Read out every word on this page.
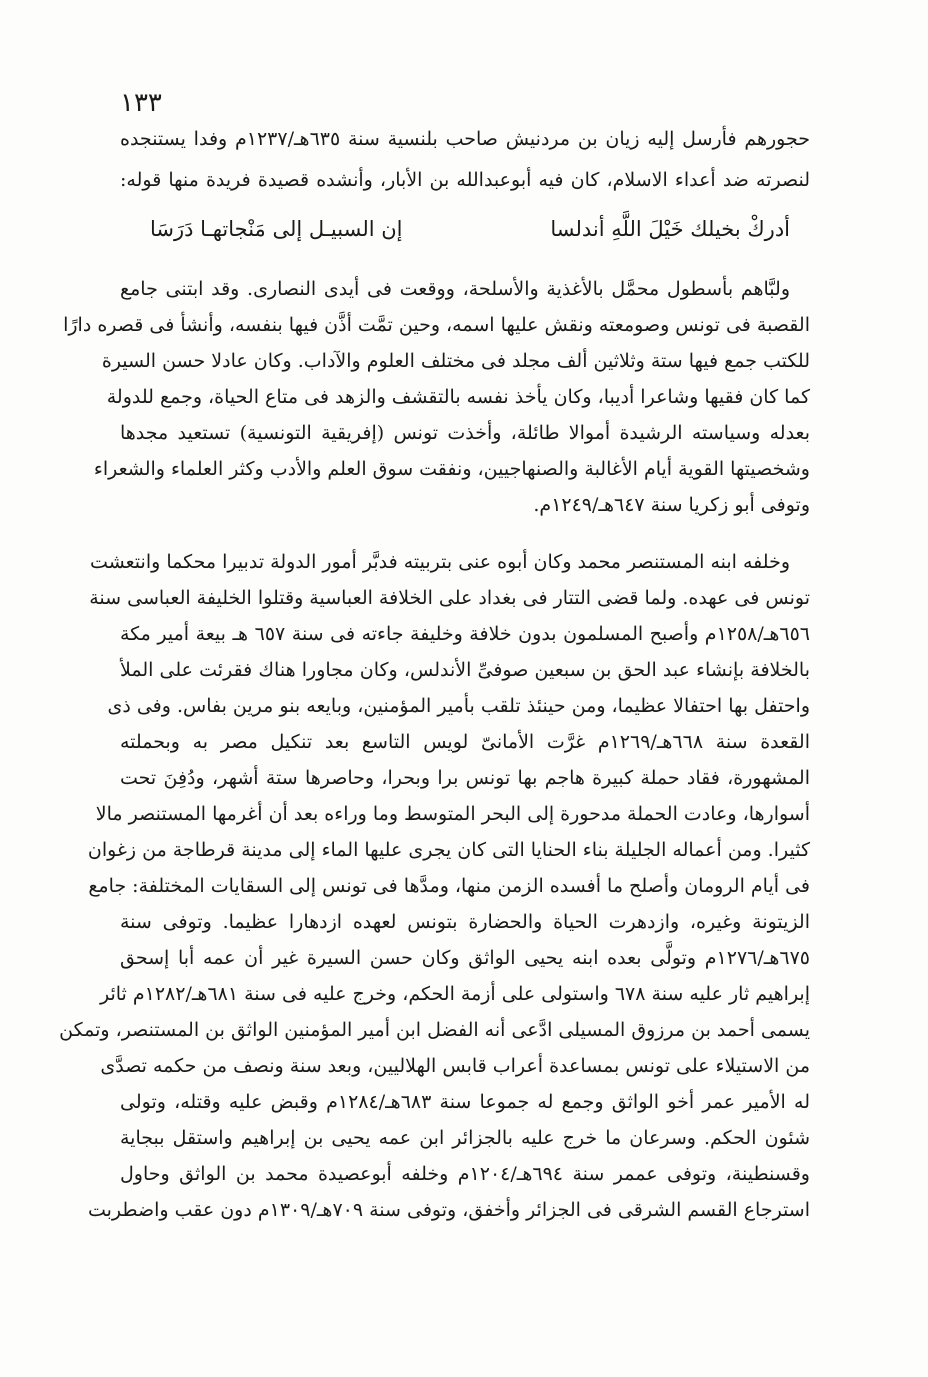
١٣٣
حجورهم فأرسل إليه زيان بن مردنيش صاحب بلنسية سنة ٦٣٥هـ/١٢٣٧م وفدا يستنجده
لنصرته ضد أعداء الاسلام، كان فيه أبوعبدالله بن الأبار، وأنشده قصيدة فريدة منها قوله:
أدركْ بخيلك خَيْلَ اللَّهِ أندلسا
إن السبيـل إلى مَنْجاتهـا دَرَسَا
ولبَّاهم بأسطول محمَّل بالأغذية والأسلحة، ووقعت فى أيدى النصارى. وقد ابتنى جامع
القصبة فى تونس وصومعته ونقش عليها اسمه، وحين تمَّت أذَّن فيها بنفسه، وأنشأ فى قصره دارًا
للكتب جمع فيها ستة وثلاثين ألف مجلد فى مختلف العلوم والآداب. وكان عادلا حسن السيرة
كما كان فقيها وشاعرا أديبا، وكان يأخذ نفسه بالتقشف والزهد فى متاع الحياة، وجمع للدولة
بعدله وسياسته الرشيدة أموالا طائلة، وأخذت تونس (إفريقية التونسية) تستعيد مجدها
وشخصيتها القوية أيام الأغالبة والصنهاجيين، ونفقت سوق العلم والأدب وكثر العلماء والشعراء
وتوفى أبو زكريا سنة ٦٤٧هـ/١٢٤٩م.
وخلفه ابنه المستنصر محمد وكان أبوه عنى بتربيته فدبَّر أمور الدولة تدبيرا محكما وانتعشت
تونس فى عهده. ولما قضى التتار فى بغداد على الخلافة العباسية وقتلوا الخليفة العباسى سنة
٦٥٦هـ/١٢٥٨م وأصبح المسلمون بدون خلافة وخليفة جاءته فى سنة ٦٥٧ هـ بيعة أمير مكة
بالخلافة بإنشاء عبد الحق بن سبعين صوفىِّ الأندلس، وكان مجاورا هناك فقرئت على الملأ
واحتفل بها احتفالا عظيما، ومن حينئذ تلقب بأمير المؤمنين، وبايعه بنو مرين بفاس. وفى ذى
القعدة سنة ٦٦٨هـ/١٢٦٩م غرَّت الأمانىّ لويس التاسع بعد تنكيل مصر به وبحملته
المشهورة، فقاد حملة كبيرة هاجم بها تونس برا وبحرا، وحاصرها ستة أشهر، ودُفِنَ تحت
أسوارها، وعادت الحملة مدحورة إلى البحر المتوسط وما وراءه بعد أن أغرمها المستنصر مالا
كثيرا. ومن أعماله الجليلة بناء الحنايا التى كان يجرى عليها الماء إلى مدينة قرطاجة من زغوان
فى أيام الرومان وأصلح ما أفسده الزمن منها، ومدَّها فى تونس إلى السقايات المختلفة: جامع
الزيتونة وغيره، وازدهرت الحياة والحضارة بتونس لعهده ازدهارا عظيما. وتوفى سنة
٦٧٥هـ/١٢٧٦م وتولَّى بعده ابنه يحيى الواثق وكان حسن السيرة غير أن عمه أبا إسحق
إبراهيم ثار عليه سنة ٦٧٨ واستولى على أزمة الحكم، وخرج عليه فى سنة ٦٨١هـ/١٢٨٢م ثائر
يسمى أحمد بن مرزوق المسيلى ادَّعى أنه الفضل ابن أمير المؤمنين الواثق بن المستنصر، وتمكن
من الاستيلاء على تونس بمساعدة أعراب قابس الهلاليين، وبعد سنة ونصف من حكمه تصدَّى
له الأمير عمر أخو الواثق وجمع له جموعا سنة ٦٨٣هـ/١٢٨٤م وقبض عليه وقتله، وتولى
شئون الحكم. وسرعان ما خرج عليه بالجزائر ابن عمه يحيى بن إبراهيم واستقل ببجاية
وقسنطينة، وتوفى عممر سنة ٦٩٤هـ/١٢٠٤م وخلفه أبوعصيدة محمد بن الواثق وحاول
استرجاع القسم الشرقى فى الجزائر وأخفق، وتوفى سنة ٧٠٩هـ/١٣٠٩م دون عقب واضطربت
